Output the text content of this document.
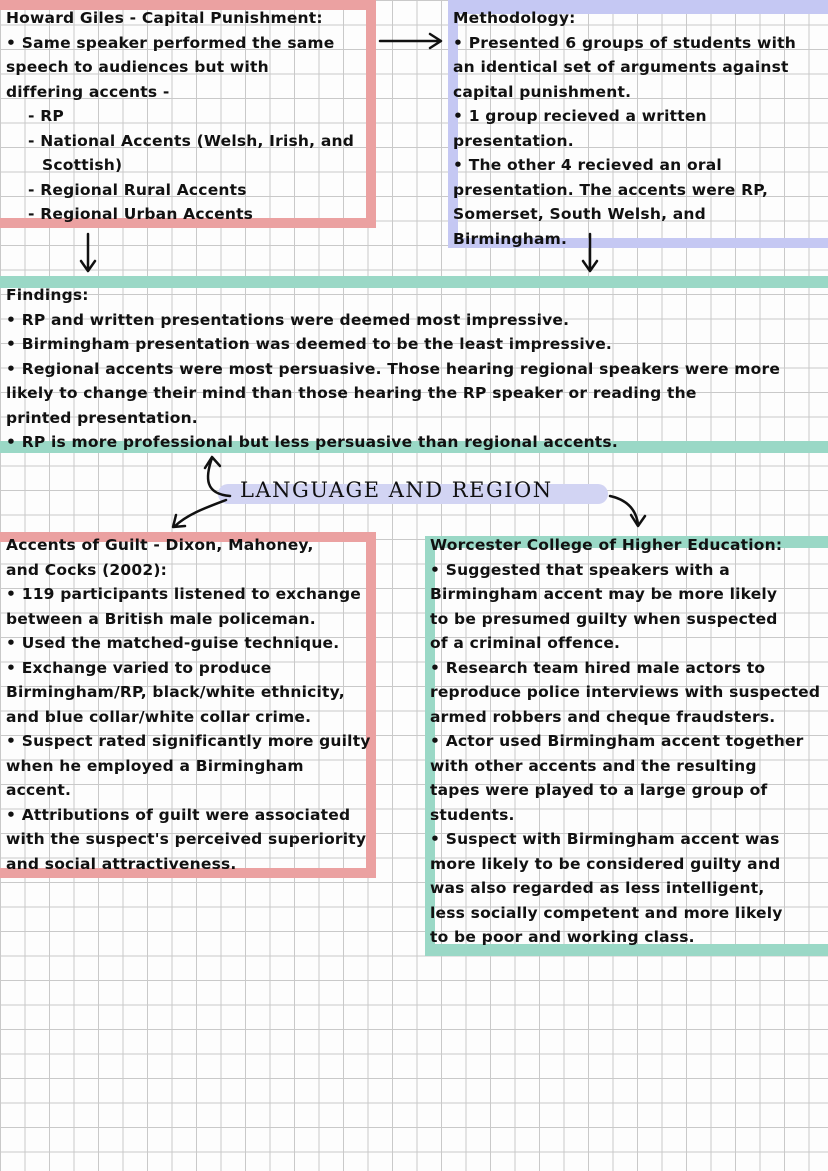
Howard Giles - Capital Punishment:
• Same speaker performed the same
speech to audiences but with
differing accents -
- RP
- National Accents (Welsh, Irish, and
Scottish)
- Regional Rural Accents
- Regional Urban Accents
Methodology:
• Presented 6 groups of students with
an identical set of arguments against
capital punishment.
• 1 group recieved a written
presentation.
• The other 4 recieved an oral
presentation. The accents were RP,
Somerset, South Welsh, and
Birmingham.
Findings:
• RP and written presentations were deemed most impressive.
• Birmingham presentation was deemed to be the least impressive.
• Regional accents were most persuasive. Those hearing regional speakers were more
likely to change their mind than those hearing the RP speaker or reading the
printed presentation.
• RP is more professional but less persuasive than regional accents.
LANGUAGE AND REGION
Accents of Guilt - Dixon, Mahoney,
and Cocks (2002):
• 119 participants listened to exchange
between a British male policeman.
• Used the matched-guise technique.
• Exchange varied to produce
Birmingham/RP, black/white ethnicity,
and blue collar/white collar crime.
• Suspect rated significantly more guilty
when he employed a Birmingham
accent.
• Attributions of guilt were associated
with the suspect's perceived superiority
and social attractiveness.
Worcester College of Higher Education:
• Suggested that speakers with a
Birmingham accent may be more likely
to be presumed guilty when suspected
of a criminal offence.
• Research team hired male actors to
reproduce police interviews with suspected
armed robbers and cheque fraudsters.
• Actor used Birmingham accent together
with other accents and the resulting
tapes were played to a large group of
students.
• Suspect with Birmingham accent was
more likely to be considered guilty and
was also regarded as less intelligent,
less socially competent and more likely
to be poor and working class.
